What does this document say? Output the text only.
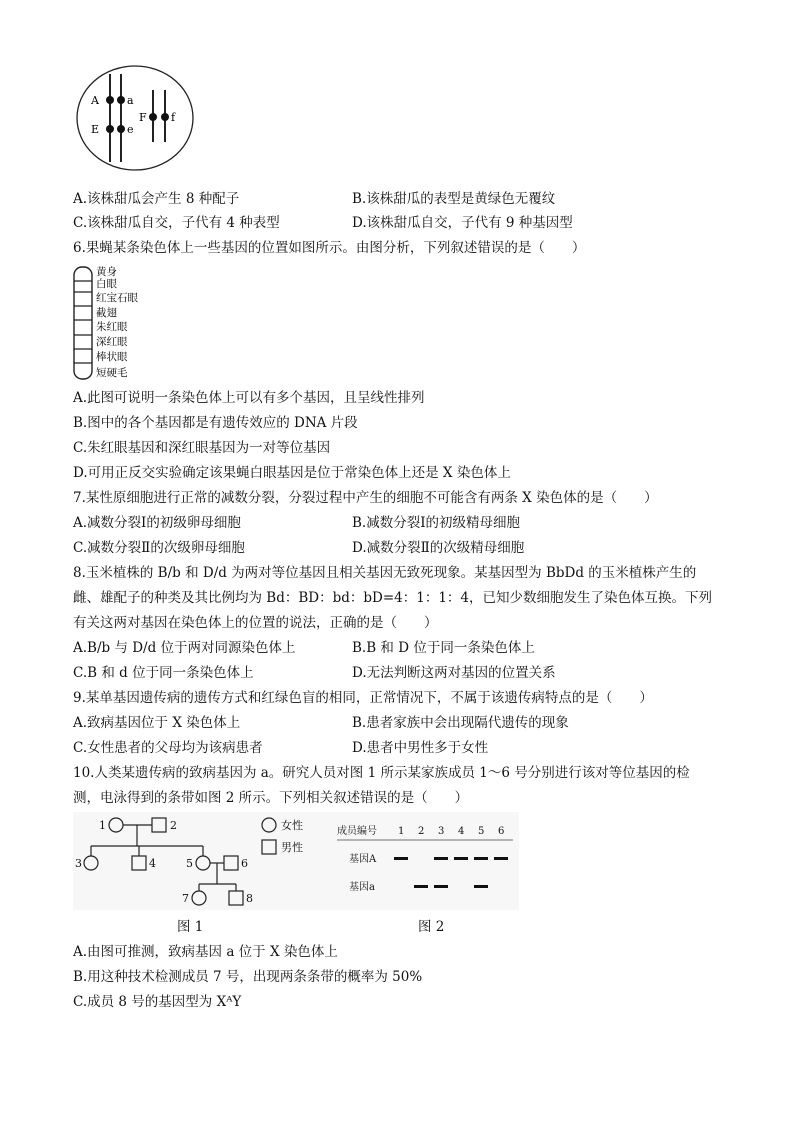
A	a
E	e
F f
A.该株甜瓜会产生 8 种配子	B.该株甜瓜的表型是黄绿色无覆纹
C.该株甜瓜自交，子代有 4 种表型	D.该株甜瓜自交，子代有 9 种基因型
6.果蝇某条染色体上一些基因的位置如图所示。由图分析，下列叙述错误的是（　　）
黄身
白眼
红宝石眼
截翅
朱红眼
深红眼
棒状眼
短硬毛
A.此图可说明一条染色体上可以有多个基因，且呈线性排列
B.图中的各个基因都是有遗传效应的 DNA 片段
C.朱红眼基因和深红眼基因为一对等位基因
D.可用正反交实验确定该果蝇白眼基因是位于常染色体上还是 X 染色体上
7.某性原细胞进行正常的减数分裂，分裂过程中产生的细胞不可能含有两条 X 染色体的是（　　）
A.减数分裂Ⅰ的初级卵母细胞	B.减数分裂Ⅰ的初级精母细胞
C.减数分裂Ⅱ的次级卵母细胞	D.减数分裂Ⅱ的次级精母细胞
8.玉米植株的 B/b 和 D/d 为两对等位基因且相关基因无致死现象。某基因型为 BbDd 的玉米植株产生的
雌、雄配子的种类及其比例均为 Bd：BD：bd：bD=4：1：1：4，已知少数细胞发生了染色体互换。下列
有关这两对基因在染色体上的位置的说法，正确的是（　　）
A.B/b 与 D/d 位于两对同源染色体上	B.B 和 D 位于同一条染色体上
C.B 和 d 位于同一条染色体上	D.无法判断这两对基因的位置关系
9.某单基因遗传病的遗传方式和红绿色盲的相同，正常情况下，不属于该遗传病特点的是（　　）
A.致病基因位于 X 染色体上	B.患者家族中会出现隔代遗传的现象
C.女性患者的父母均为该病患者	D.患者中男性多于女性
10.人类某遗传病的致病基因为 a。研究人员对图 1 所示某家族成员 1～6 号分别进行该对等位基因的检
测，电泳得到的条带如图 2 所示。下列相关叙述错误的是（　　）
1	2
3	4	5	6
7	8
女性
男性
成员编号 1 2 3 4 5 6
基因A
基因a
图 1	图 2
A.由图可推测，致病基因 a 位于 X 染色体上
B.用这种技术检测成员 7 号，出现两条条带的概率为 50%
C.成员 8 号的基因型为 XᴬY
